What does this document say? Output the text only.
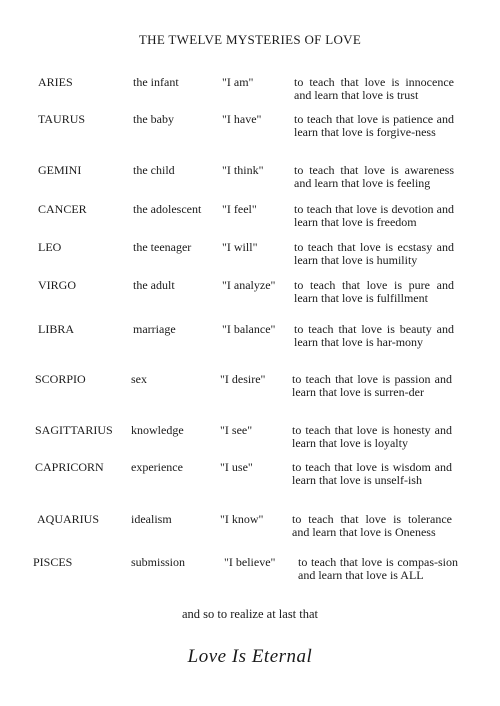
THE TWELVE MYSTERIES OF LOVE
ARIES	the infant	"I am"	to teach that love is innocence and learn that love is trust
TAURUS	the baby	"I have"	to teach that love is patience and learn that love is forgive-ness
GEMINI	the child	"I think"	to teach that love is awareness and learn that love is feeling
CANCER	the adolescent "I feel"	to teach that love is devotion and learn that love is freedom
LEO	the teenager	"I will"	to teach that love is ecstasy and learn that love is humility
VIRGO	the adult	"I analyze" to teach that love is pure and learn that love is fulfillment
LIBRA	marriage	"I balance" to teach that love is beauty and learn that love is har-mony
SCORPIO	sex	"I desire" to teach that love is passion and learn that love is surren-der
SAGITTARIUS knowledge	"I see"	to teach that love is honesty and learn that love is loyalty
CAPRICORN experience	"I use"	to teach that love is wisdom and learn that love is unself-ish
AQUARIUS	idealism	"I know" to teach that love is tolerance and learn that love is Oneness
PISCES	submission	"I believe" to teach that love is compas-sion and learn that love is ALL
and so to realize at last that
Love Is Eternal
